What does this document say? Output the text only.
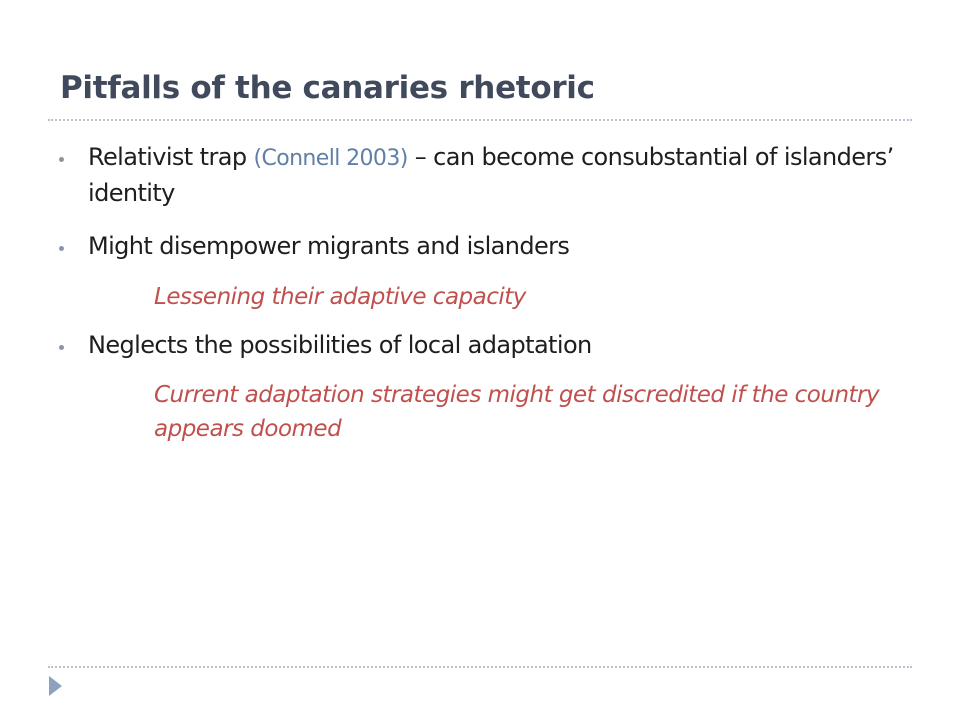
Pitfalls of the canaries rhetoric
Relativist trap (Connell 2003) – can become consubstantial of islanders’ identity
Might disempower migrants and islanders
Lessening their adaptive capacity
Neglects the possibilities of local adaptation
Current adaptation strategies might get discredited if the country appears doomed
